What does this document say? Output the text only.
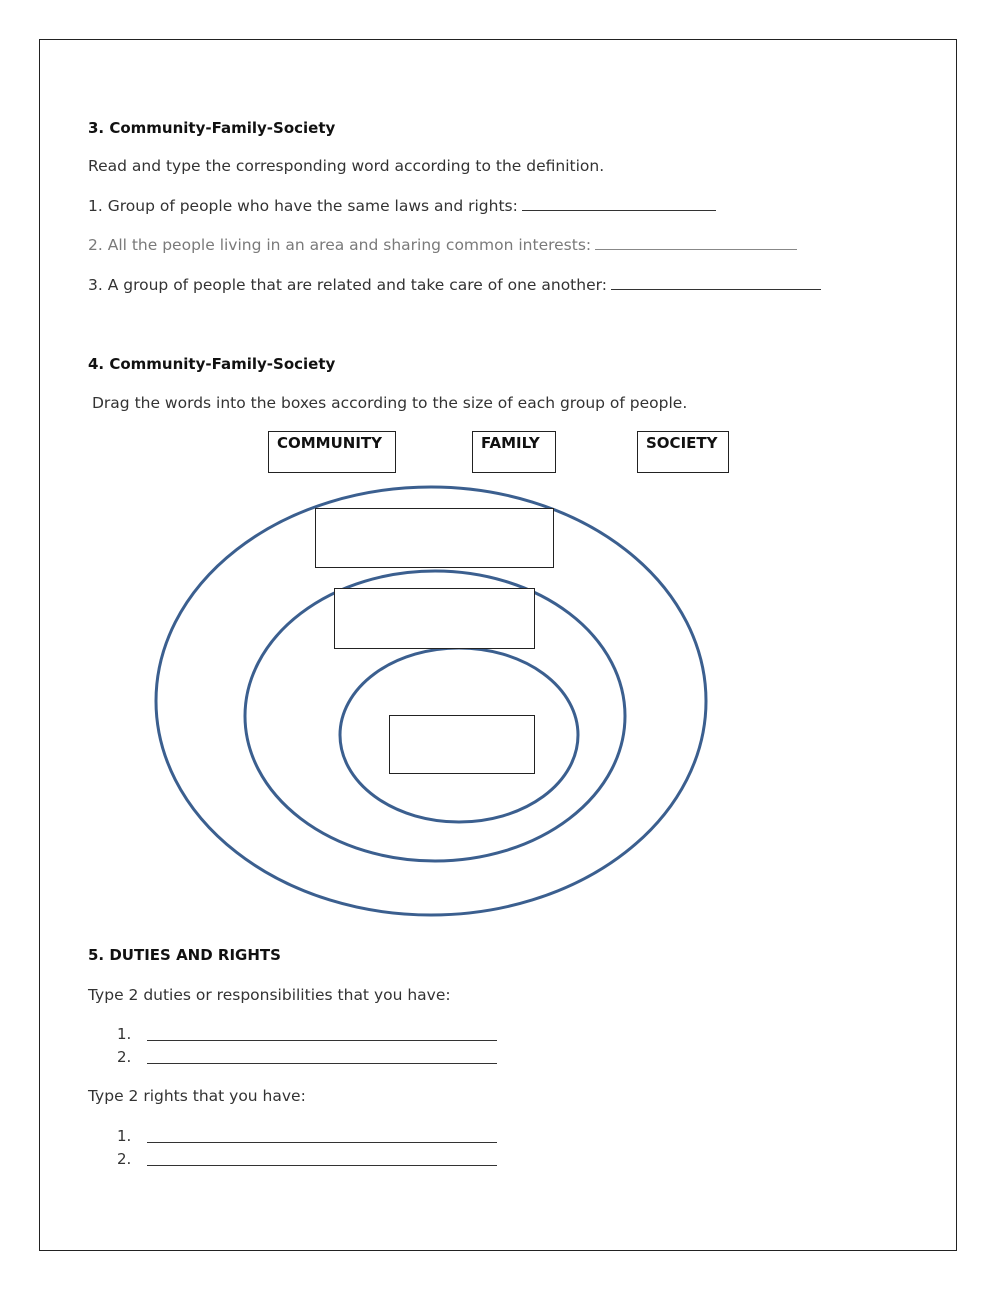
3. Community-Family-Society
Read and type the corresponding word according to the definition.
1. Group of people who have the same laws and rights:
2. All the people living in an area and sharing common interests:
3. A group of people that are related and take care of one another:
4. Community-Family-Society
Drag the words into the boxes according to the size of each group of people.
COMMUNITY	FAMILY	SOCIETY
5. DUTIES AND RIGHTS
Type 2 duties or responsibilities that you have:
1.
2.
Type 2 rights that you have:
1.
2.
